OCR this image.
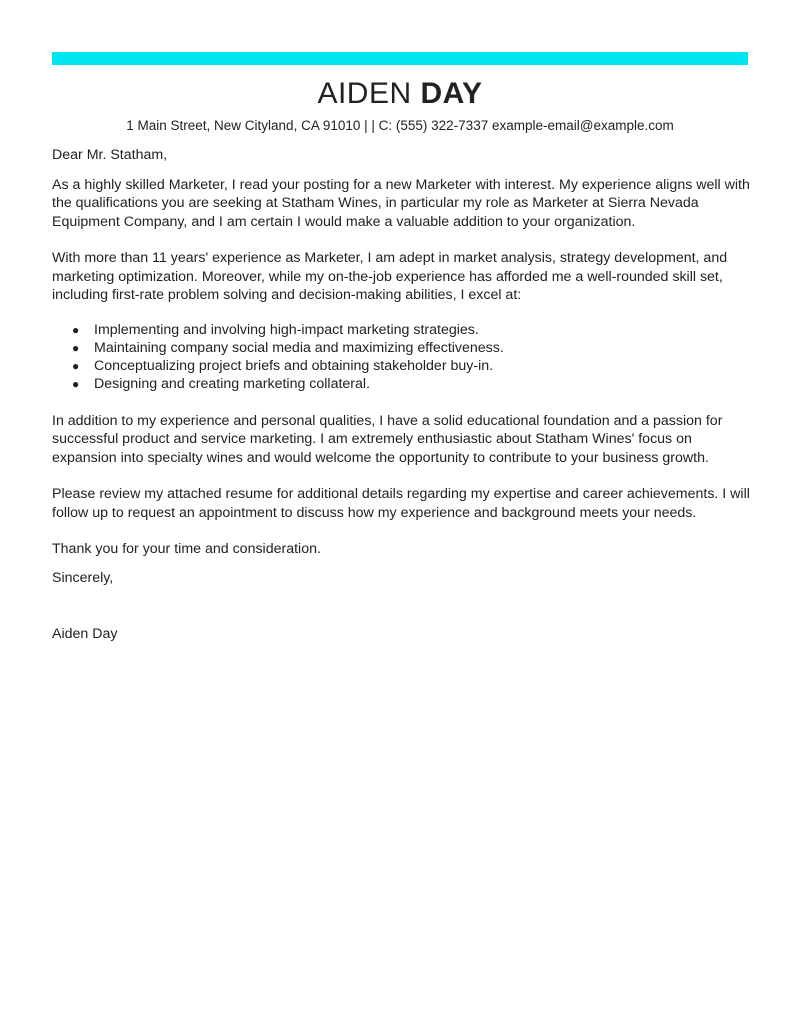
AIDEN DAY
1 Main Street, New Cityland, CA 91010 | | C: (555) 322-7337 example-email@example.com

Dear Mr. Statham,

As a highly skilled Marketer, I read your posting for a new Marketer with interest. My experience aligns well with the qualifications you are seeking at Statham Wines, in particular my role as Marketer at Sierra Nevada Equipment Company, and I am certain I would make a valuable addition to your organization.

With more than 11 years' experience as Marketer, I am adept in market analysis, strategy development, and marketing optimization. Moreover, while my on-the-job experience has afforded me a well-rounded skill set, including first-rate problem solving and decision-making abilities, I excel at:

● Implementing and involving high-impact marketing strategies.
● Maintaining company social media and maximizing effectiveness.
● Conceptualizing project briefs and obtaining stakeholder buy-in.
● Designing and creating marketing collateral.

In addition to my experience and personal qualities, I have a solid educational foundation and a passion for successful product and service marketing. I am extremely enthusiastic about Statham Wines' focus on expansion into specialty wines and would welcome the opportunity to contribute to your business growth.

Please review my attached resume for additional details regarding my expertise and career achievements. I will follow up to request an appointment to discuss how my experience and background meets your needs.

Thank you for your time and consideration.

Sincerely,

Aiden Day
